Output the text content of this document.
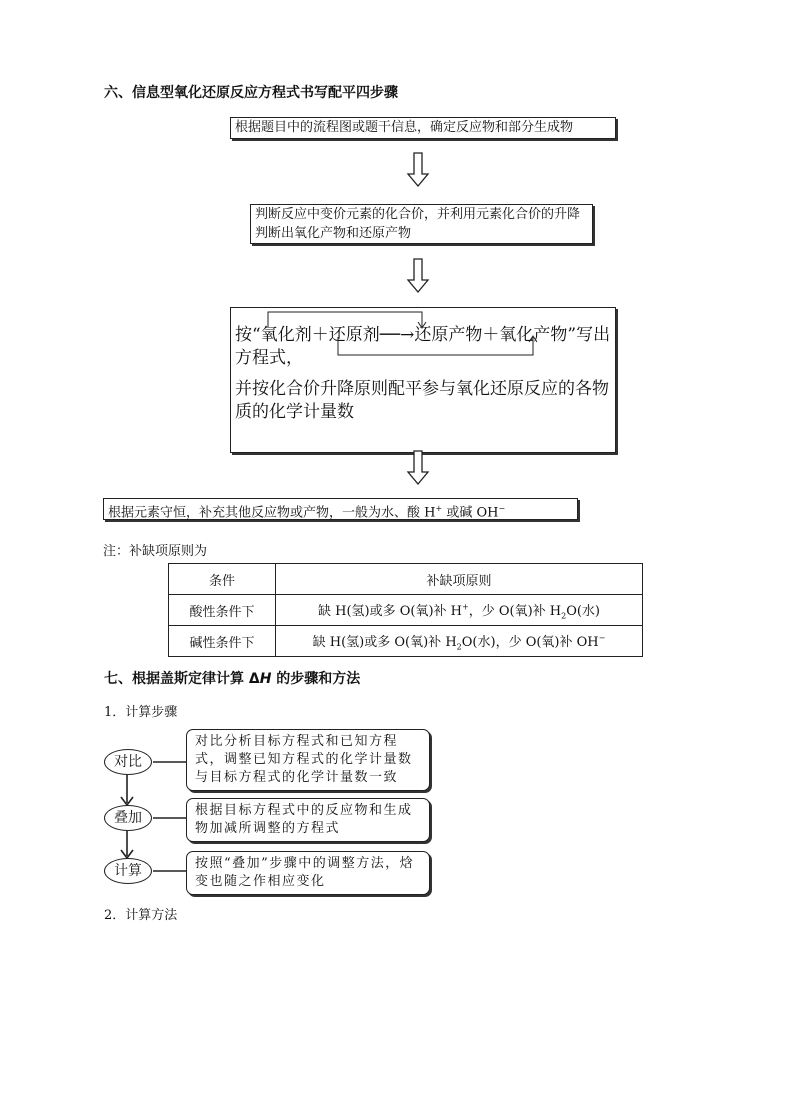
六、信息型氧化还原反应方程式书写配平四步骤
根据题目中的流程图或题干信息，确定反应物和部分生成物
判断反应中变价元素的化合价，并利用元素化合价的升降判断出氧化产物和还原产物
按“氧化剂＋还原剂──→还原产物＋氧化产物”写出方程式，
并按化合价升降原则配平参与氧化还原反应的各物质的化学计量数
根据元素守恒，补充其他反应物或产物，一般为水、酸 H+ 或碱 OH−
注：补缺项原则为
条件	补缺项原则
酸性条件下	缺 H(氢)或多 O(氧)补 H+，少 O(氧)补 $H_2O$(水)
碱性条件下	缺 H(氢)或多 O(氧)补 $H_2O$(水)，少 O(氧)补 OH−
七、根据盖斯定律计算 ΔH 的步骤和方法
1．计算步骤
对比
叠加
计算
对比分析目标方程式和已知方程式，调整已知方程式的化学计量数与目标方程式的化学计量数一致
根据目标方程式中的反应物和生成物加减所调整的方程式
按照“叠加”步骤中的调整方法，焓变也随之作相应变化
2．计算方法
